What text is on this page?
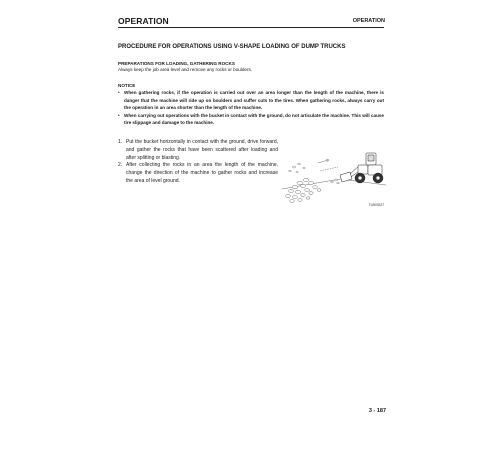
OPERATION	OPERATION

PROCEDURE FOR OPERATIONS USING V-SHAPE LOADING OF DUMP TRUCKS

PREPARATIONS FOR LOADING, GATHERING ROCKS

Always keep the job area level and remove any rocks or boulders.

NOTICE

• When gathering rocks, if the operation is carried out over an area longer than the length of the machine, there is danger that the machine will ride up on boulders and suffer cuts to the tires. When gathering rocks, always carry out the operation in an area shorter than the length of the machine.
• When carrying out operations with the bucket in contact with the ground, do not articulate the machine. This will cause tire slippage and damage to the machine.
1. Put the bucket horizontally in contact with the ground, drive forward, and gather the rocks that have been scattered after loading and after splitting or blasting.
2. After collecting the rocks in an area the length of the machine, change the direction of the machine to gather rocks and increase the area of level ground.
TLW00327
3 - 187
